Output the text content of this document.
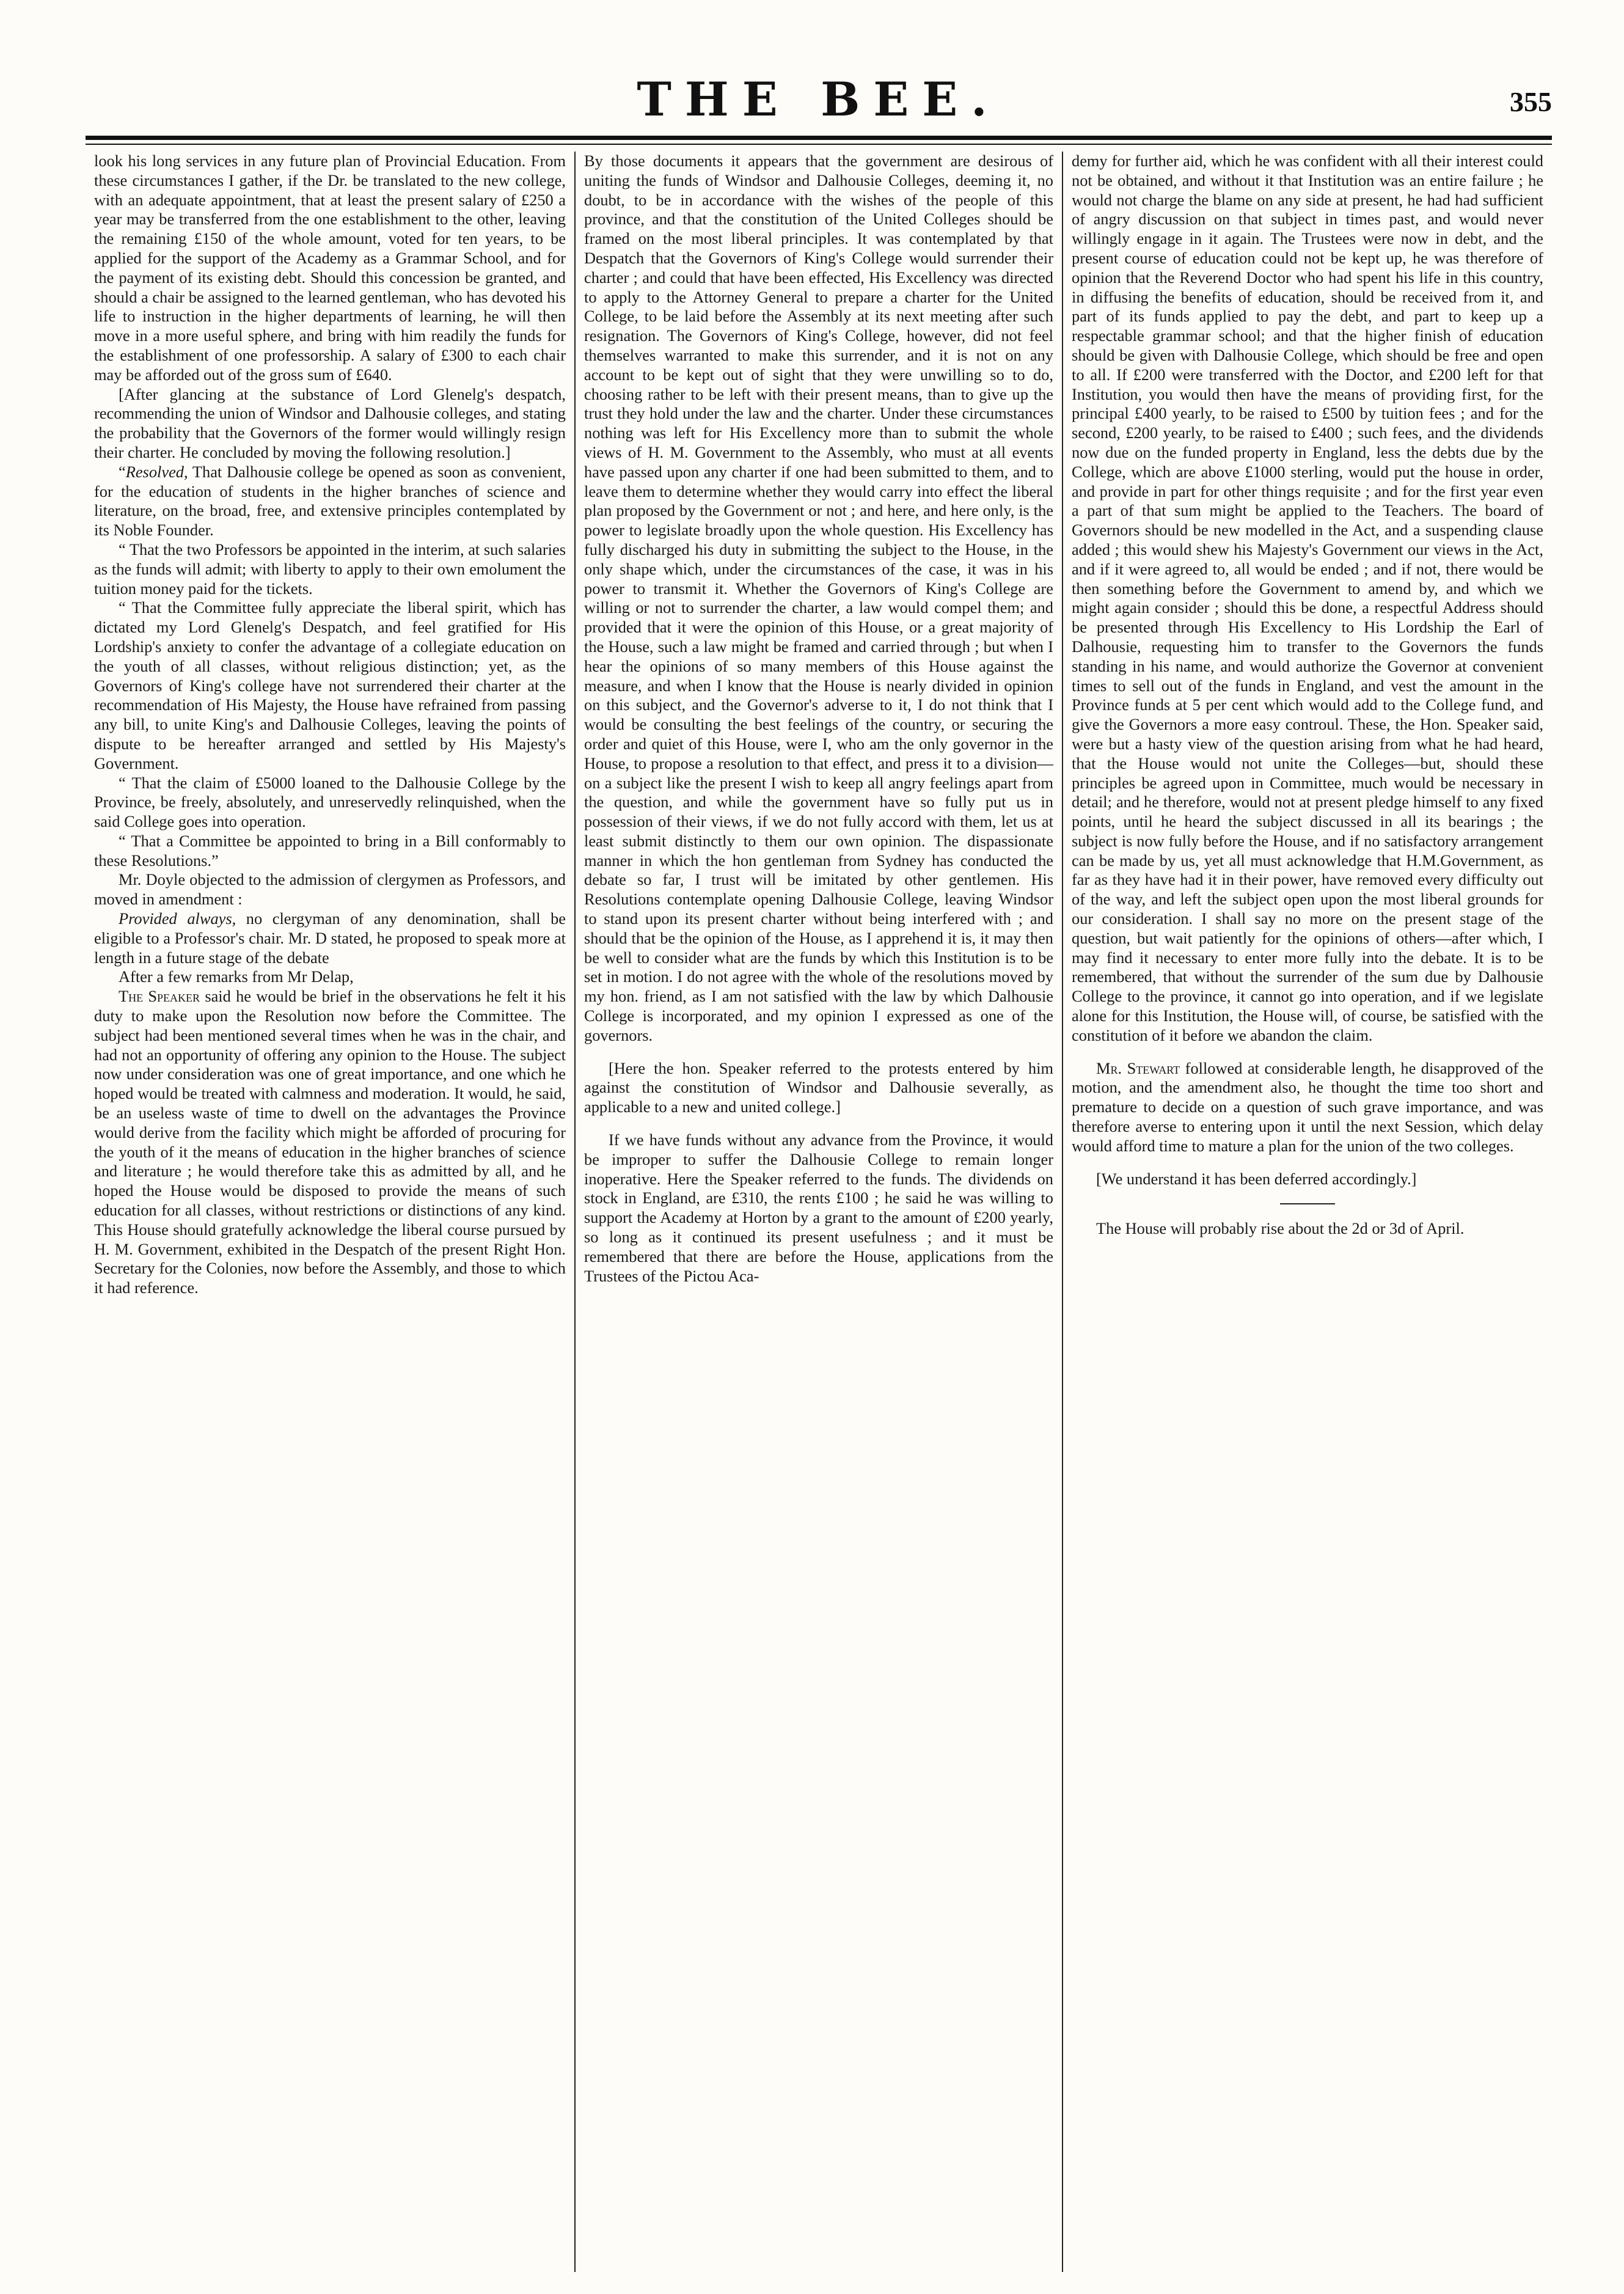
THE BEE.	355

look his long services in any future plan of Provincial Education. From these circumstances I gather, if the Dr. be translated to the new college, with an adequate appointment, that at least the present salary of £250 a year may be transferred from the one establishment to the other, leaving the remaining £150 of the whole amount, voted for ten years, to be applied for the support of the Academy as a Grammar School, and for the payment of its existing debt. Should this concession be granted, and should a chair be assigned to the learned gentleman, who has devoted his life to instruction in the higher departments of learning, he will then move in a more useful sphere, and bring with him readily the funds for the establishment of one professorship. A salary of £300 to each chair may be afforded out of the gross sum of £640.

[After glancing at the substance of Lord Glenelg's despatch, recommending the union of Windsor and Dalhousie colleges, and stating the probability that the Governors of the former would willingly resign their charter. He concluded by moving the following resolution.]

“Resolved, That Dalhousie college be opened as soon as convenient, for the education of students in the higher branches of science and literature, on the broad, free, and extensive principles contemplated by its Noble Founder.

“ That the two Professors be appointed in the interim, at such salaries as the funds will admit; with liberty to apply to their own emolument the tuition money paid for the tickets.

“ That the Committee fully appreciate the liberal spirit, which has dictated my Lord Glenelg's Despatch, and feel gratified for His Lordship's anxiety to confer the advantage of a collegiate education on the youth of all classes, without religious distinction; yet, as the Governors of King's college have not surrendered their charter at the recommendation of His Majesty, the House have refrained from passing any bill, to unite King's and Dalhousie Colleges, leaving the points of dispute to be hereafter arranged and settled by His Majesty's Government.

“ That the claim of £5000 loaned to the Dalhousie College by the Province, be freely, absolutely, and unreservedly relinquished, when the said College goes into operation.

“ That a Committee be appointed to bring in a Bill conformably to these Resolutions.”

Mr. Doyle objected to the admission of clergymen as Professors, and moved in amendment :

Provided always, no clergyman of any denomination, shall be eligible to a Professor's chair. Mr. D stated, he proposed to speak more at length in a future stage of the debate

After a few remarks from Mr Delap,

The Speaker said he would be brief in the observations he felt it his duty to make upon the Resolution now before the Committee. The subject had been mentioned several times when he was in the chair, and had not an opportunity of offering any opinion to the House. The subject now under consideration was one of great importance, and one which he hoped would be treated with calmness and moderation. It would, he said, be an useless waste of time to dwell on the advantages the Province would derive from the facility which might be afforded of procuring for the youth of it the means of education in the higher branches of science and literature ; he would therefore take this as admitted by all, and he hoped the House would be disposed to provide the means of such education for all classes, without restrictions or distinctions of any kind. This House should gratefully acknowledge the liberal course pursued by H. M. Government, exhibited in the Despatch of the present Right Hon. Secretary for the Colonies, now before the Assembly, and those to which it had reference.

By those documents it appears that the government are desirous of uniting the funds of Windsor and Dalhousie Colleges, deeming it, no doubt, to be in accordance with the wishes of the people of this province, and that the constitution of the United Colleges should be framed on the most liberal principles. It was contemplated by that Despatch that the Governors of King's College would surrender their charter ; and could that have been effected, His Excellency was directed to apply to the Attorney General to prepare a charter for the United College, to be laid before the Assembly at its next meeting after such resignation. The Governors of King's College, however, did not feel themselves warranted to make this surrender, and it is not on any account to be kept out of sight that they were unwilling so to do, choosing rather to be left with their present means, than to give up the trust they hold under the law and the charter. Under these circumstances nothing was left for His Excellency more than to submit the whole views of H. M. Government to the Assembly, who must at all events have passed upon any charter if one had been submitted to them, and to leave them to determine whether they would carry into effect the liberal plan proposed by the Government or not ; and here, and here only, is the power to legislate broadly upon the whole question. His Excellency has fully discharged his duty in submitting the subject to the House, in the only shape which, under the circumstances of the case, it was in his power to transmit it. Whether the Governors of King's College are willing or not to surrender the charter, a law would compel them; and provided that it were the opinion of this House, or a great majority of the House, such a law might be framed and carried through ; but when I hear the opinions of so many members of this House against the measure, and when I know that the House is nearly divided in opinion on this subject, and the Governor's adverse to it, I do not think that I would be consulting the best feelings of the country, or securing the order and quiet of this House, were I, who am the only governor in the House, to propose a resolution to that effect, and press it to a division—on a subject like the present I wish to keep all angry feelings apart from the question, and while the government have so fully put us in possession of their views, if we do not fully accord with them, let us at least submit distinctly to them our own opinion. The dispassionate manner in which the hon gentleman from Sydney has conducted the debate so far, I trust will be imitated by other gentlemen. His Resolutions contemplate opening Dalhousie College, leaving Windsor to stand upon its present charter without being interfered with ; and should that be the opinion of the House, as I apprehend it is, it may then be well to consider what are the funds by which this Institution is to be set in motion. I do not agree with the whole of the resolutions moved by my hon. friend, as I am not satisfied with the law by which Dalhousie College is incorporated, and my opinion I expressed as one of the governors.

[Here the hon. Speaker referred to the protests entered by him against the constitution of Windsor and Dalhousie severally, as applicable to a new and united college.]

If we have funds without any advance from the Province, it would be improper to suffer the Dalhousie College to remain longer inoperative. Here the Speaker referred to the funds. The dividends on stock in England, are £310, the rents £100 ; he said he was willing to support the Academy at Horton by a grant to the amount of £200 yearly, so long as it continued its present usefulness ; and it must be remembered that there are before the House, applications from the Trustees of the Pictou Aca-

demy for further aid, which he was confident with all their interest could not be obtained, and without it that Institution was an entire failure ; he would not charge the blame on any side at present, he had had sufficient of angry discussion on that subject in times past, and would never willingly engage in it again. The Trustees were now in debt, and the present course of education could not be kept up, he was therefore of opinion that the Reverend Doctor who had spent his life in this country, in diffusing the benefits of education, should be received from it, and part of its funds applied to pay the debt, and part to keep up a respectable grammar school; and that the higher finish of education should be given with Dalhousie College, which should be free and open to all. If £200 were transferred with the Doctor, and £200 left for that Institution, you would then have the means of providing first, for the principal £400 yearly, to be raised to £500 by tuition fees ; and for the second, £200 yearly, to be raised to £400 ; such fees, and the dividends now due on the funded property in England, less the debts due by the College, which are above £1000 sterling, would put the house in order, and provide in part for other things requisite ; and for the first year even a part of that sum might be applied to the Teachers. The board of Governors should be new modelled in the Act, and a suspending clause added ; this would shew his Majesty's Government our views in the Act, and if it were agreed to, all would be ended ; and if not, there would be then something before the Government to amend by, and which we might again consider ; should this be done, a respectful Address should be presented through His Excellency to His Lordship the Earl of Dalhousie, requesting him to transfer to the Governors the funds standing in his name, and would authorize the Governor at convenient times to sell out of the funds in England, and vest the amount in the Province funds at 5 per cent which would add to the College fund, and give the Governors a more easy controul. These, the Hon. Speaker said, were but a hasty view of the question arising from what he had heard, that the House would not unite the Colleges—but, should these principles be agreed upon in Committee, much would be necessary in detail; and he therefore, would not at present pledge himself to any fixed points, until he heard the subject discussed in all its bearings ; the subject is now fully before the House, and if no satisfactory arrangement can be made by us, yet all must acknowledge that H.M.Government, as far as they have had it in their power, have removed every difficulty out of the way, and left the subject open upon the most liberal grounds for our consideration. I shall say no more on the present stage of the question, but wait patiently for the opinions of others—after which, I may find it necessary to enter more fully into the debate. It is to be remembered, that without the surrender of the sum due by Dalhousie College to the province, it cannot go into operation, and if we legislate alone for this Institution, the House will, of course, be satisfied with the constitution of it before we abandon the claim.

Mr. Stewart followed at considerable length, he disapproved of the motion, and the amendment also, he thought the time too short and premature to decide on a question of such grave importance, and was therefore averse to entering upon it until the next Session, which delay would afford time to mature a plan for the union of the two colleges.

[We understand it has been deferred accordingly.]

The House will probably rise about the 2d or 3d of April.
